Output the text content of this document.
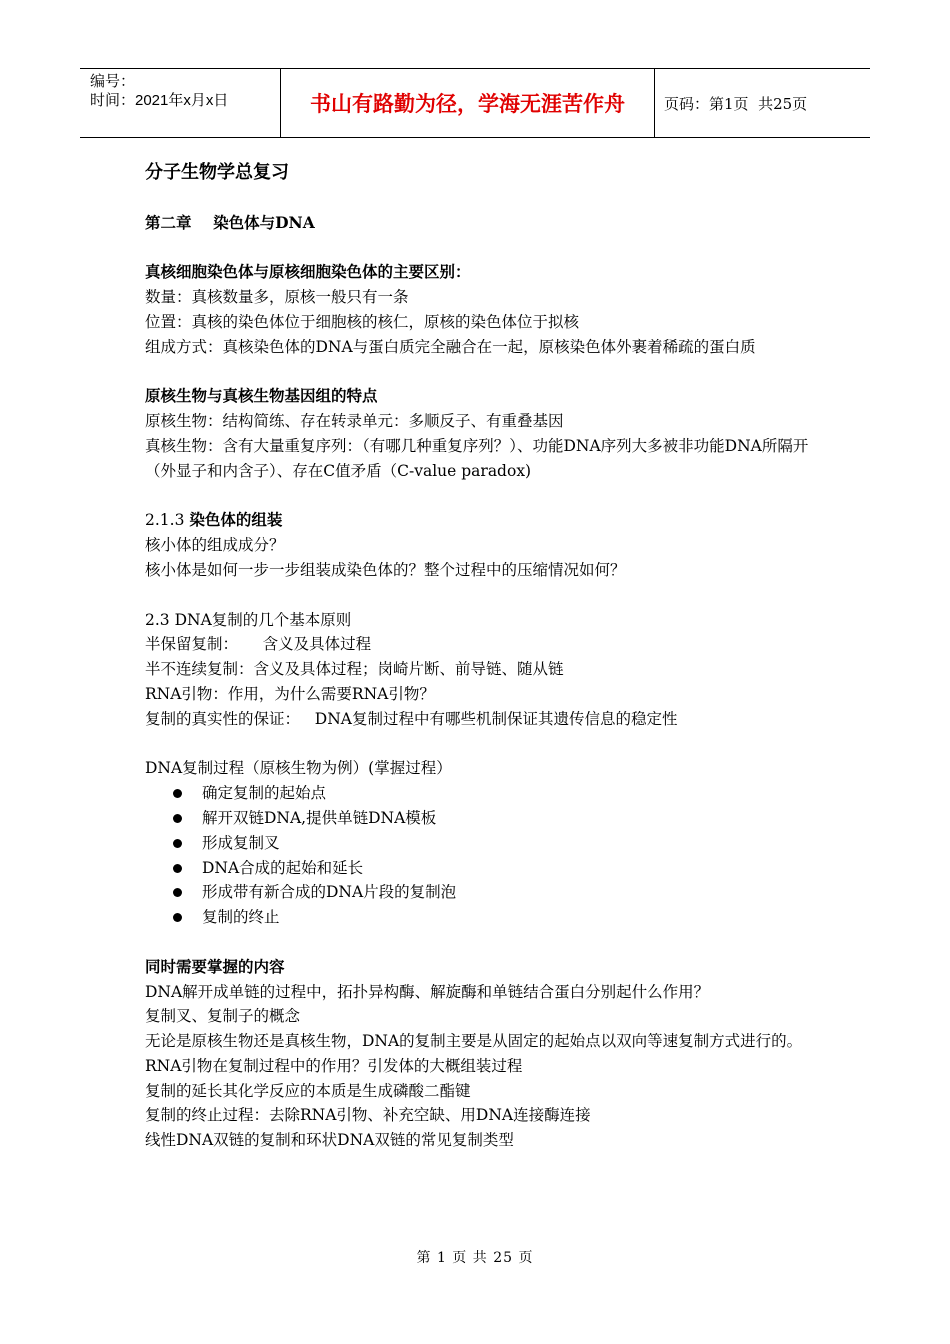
编号：
时间：2021年x月x日	书山有路勤为径，学海无涯苦作舟	页码：第1页  共25页
分子生物学总复习
第二章    染色体与DNA
真核细胞染色体与原核细胞染色体的主要区别：
数量：真核数量多，原核一般只有一条
位置：真核的染色体位于细胞核的核仁，原核的染色体位于拟核
组成方式：真核染色体的DNA与蛋白质完全融合在一起，原核染色体外裹着稀疏的蛋白质
原核生物与真核生物基因组的特点
原核生物：结构简练、存在转录单元：多顺反子、有重叠基因
真核生物：含有大量重复序列：（有哪几种重复序列？）、功能DNA序列大多被非功能DNA所隔开（外显子和内含子）、存在C值矛盾（C-value paradox)
2.1.3 染色体的组装
核小体的组成成分？
核小体是如何一步一步组装成染色体的？整个过程中的压缩情况如何？
2.3 DNA复制的几个基本原则
半保留复制：     含义及具体过程
半不连续复制：含义及具体过程；岗崎片断、前导链、随从链
RNA引物：作用，为什么需要RNA引物？
复制的真实性的保证：   DNA复制过程中有哪些机制保证其遗传信息的稳定性
DNA复制过程（原核生物为例）(掌握过程）
确定复制的起始点
解开双链DNA,提供单链DNA模板
形成复制叉
DNA合成的起始和延长
形成带有新合成的DNA片段的复制泡
复制的终止
同时需要掌握的内容
DNA解开成单链的过程中，拓扑异构酶、解旋酶和单链结合蛋白分别起什么作用？
复制叉、复制子的概念
无论是原核生物还是真核生物，DNA的复制主要是从固定的起始点以双向等速复制方式进行的。
RNA引物在复制过程中的作用？引发体的大概组装过程
复制的延长其化学反应的本质是生成磷酸二酯键
复制的终止过程：去除RNA引物、补充空缺、用DNA连接酶连接
线性DNA双链的复制和环状DNA双链的常见复制类型
第 1 页 共 25 页
